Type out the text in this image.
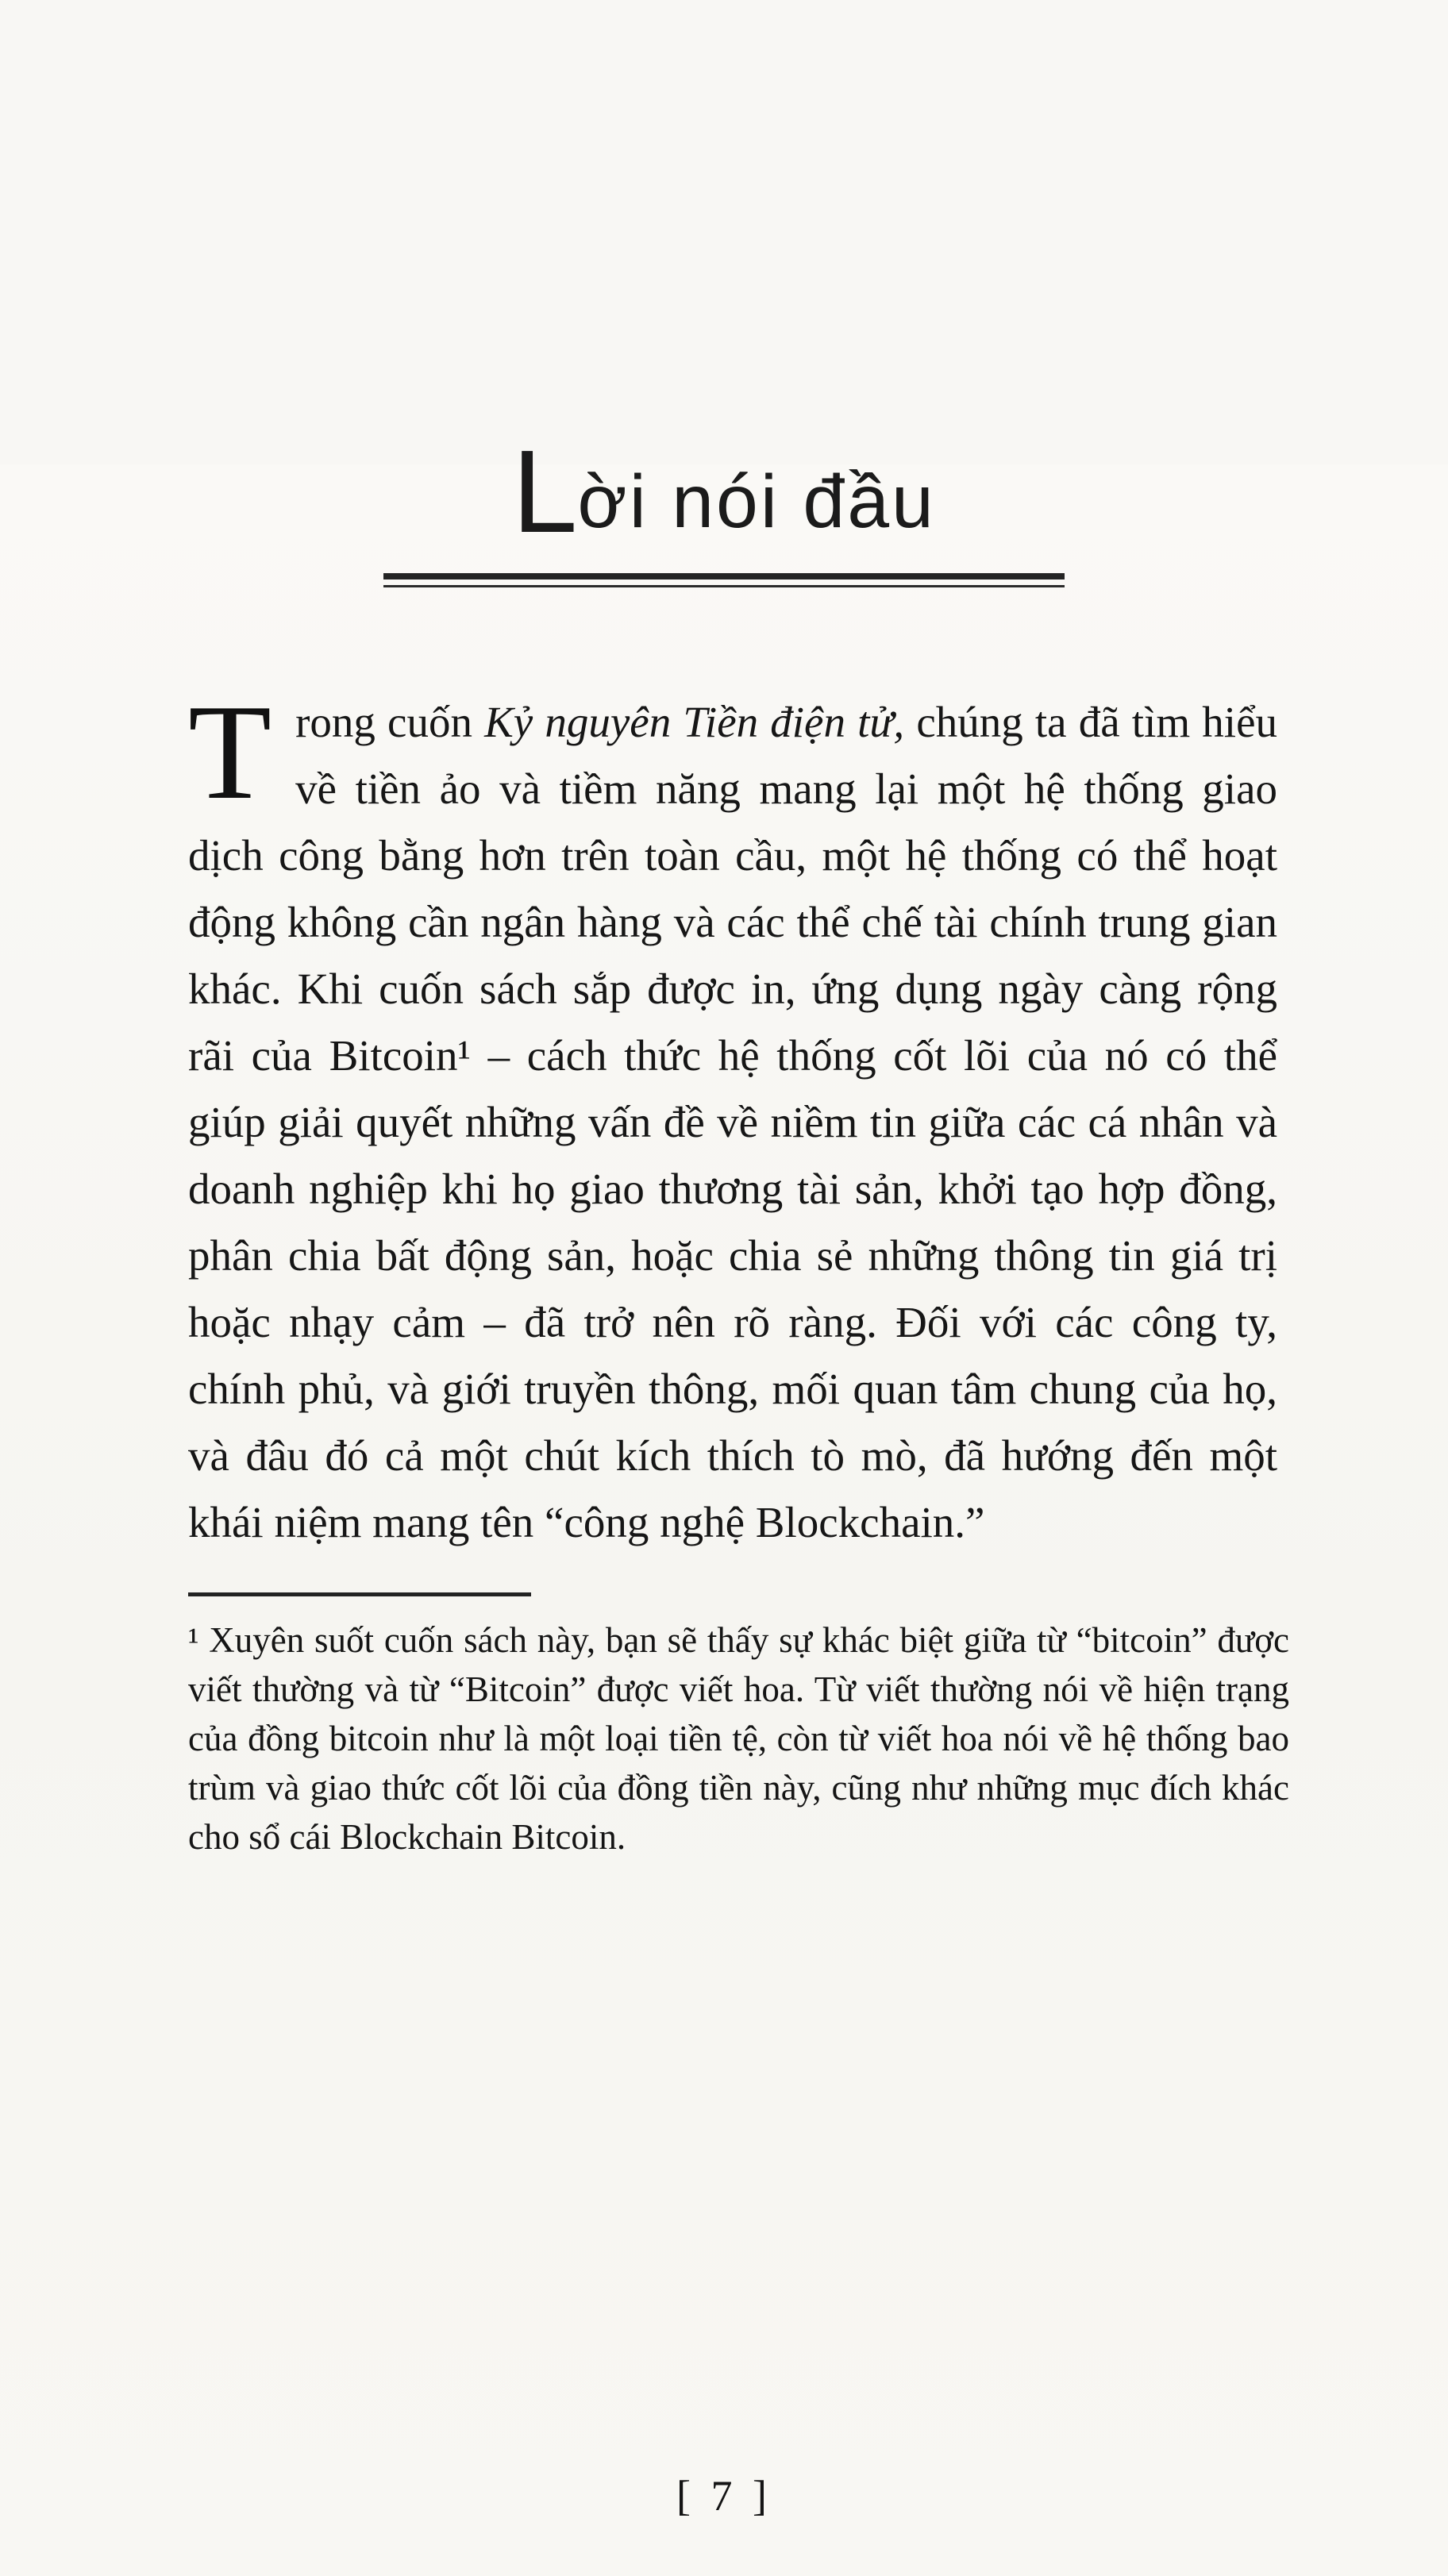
Lời nói đầu

Trong cuốn Kỷ nguyên Tiền điện tử, chúng ta đã tìm hiểu về tiền ảo và tiềm năng mang lại một hệ thống giao dịch công bằng hơn trên toàn cầu, một hệ thống có thể hoạt động không cần ngân hàng và các thể chế tài chính trung gian khác. Khi cuốn sách sắp được in, ứng dụng ngày càng rộng rãi của Bitcoin¹ – cách thức hệ thống cốt lõi của nó có thể giúp giải quyết những vấn đề về niềm tin giữa các cá nhân và doanh nghiệp khi họ giao thương tài sản, khởi tạo hợp đồng, phân chia bất động sản, hoặc chia sẻ những thông tin giá trị hoặc nhạy cảm – đã trở nên rõ ràng. Đối với các công ty, chính phủ, và giới truyền thông, mối quan tâm chung của họ, và đâu đó cả một chút kích thích tò mò, đã hướng đến một khái niệm mang tên “công nghệ Blockchain.”

¹ Xuyên suốt cuốn sách này, bạn sẽ thấy sự khác biệt giữa từ “bitcoin” được viết thường và từ “Bitcoin” được viết hoa. Từ viết thường nói về hiện trạng của đồng bitcoin như là một loại tiền tệ, còn từ viết hoa nói về hệ thống bao trùm và giao thức cốt lõi của đồng tiền này, cũng như những mục đích khác cho sổ cái Blockchain Bitcoin.

[ 7 ]
